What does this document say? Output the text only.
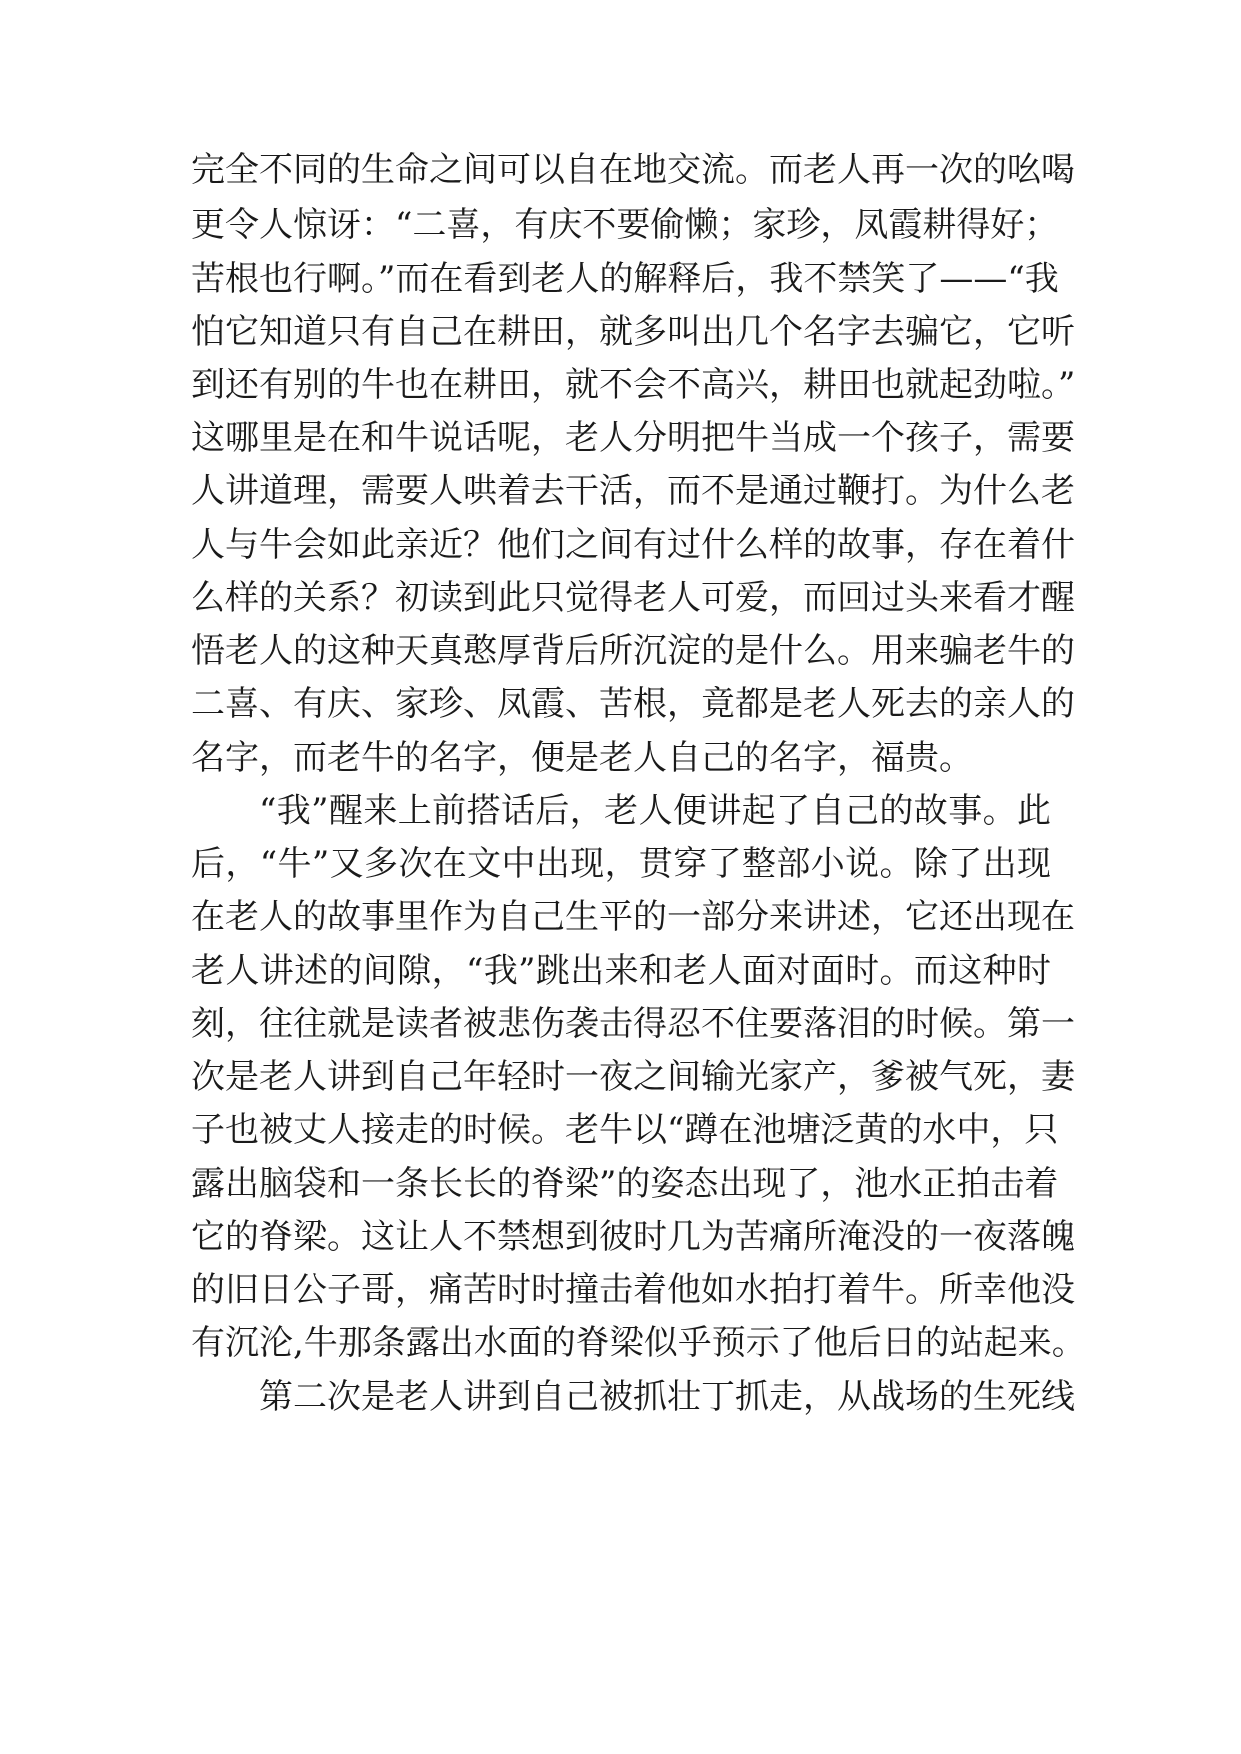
完全不同的生命之间可以自在地交流。而老人再一次的吆喝
更令人惊讶：“二喜，有庆不要偷懒；家珍，凤霞耕得好；
苦根也行啊。”而在看到老人的解释后，我不禁笑了——“我
怕它知道只有自己在耕田，就多叫出几个名字去骗它，它听
到还有别的牛也在耕田，就不会不高兴，耕田也就起劲啦。”
这哪里是在和牛说话呢，老人分明把牛当成一个孩子，需要
人讲道理，需要人哄着去干活，而不是通过鞭打。为什么老
人与牛会如此亲近？他们之间有过什么样的故事，存在着什
么样的关系？初读到此只觉得老人可爱，而回过头来看才醒
悟老人的这种天真憨厚背后所沉淀的是什么。用来骗老牛的
二喜、有庆、家珍、凤霞、苦根，竟都是老人死去的亲人的
名字，而老牛的名字，便是老人自己的名字，福贵。
“我”醒来上前搭话后，老人便讲起了自己的故事。此
后，“牛”又多次在文中出现，贯穿了整部小说。除了出现
在老人的故事里作为自己生平的一部分来讲述，它还出现在
老人讲述的间隙，“我”跳出来和老人面对面时。而这种时
刻，往往就是读者被悲伤袭击得忍不住要落泪的时候。第一
次是老人讲到自己年轻时一夜之间输光家产，爹被气死，妻
子也被丈人接走的时候。老牛以“蹲在池塘泛黄的水中，只
露出脑袋和一条长长的脊梁”的姿态出现了，池水正拍击着
它的脊梁。这让人不禁想到彼时几为苦痛所淹没的一夜落魄
的旧日公子哥，痛苦时时撞击着他如水拍打着牛。所幸他没
有沉沦,牛那条露出水面的脊梁似乎预示了他后日的站起来。
第二次是老人讲到自己被抓壮丁抓走，从战场的生死线
